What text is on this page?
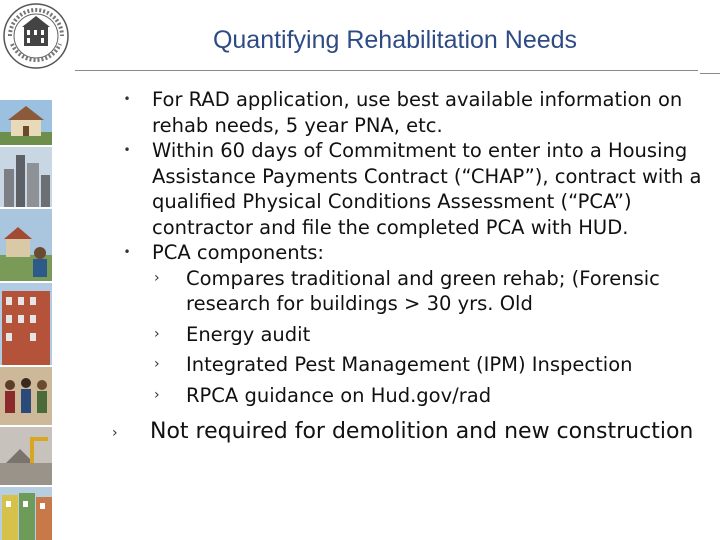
Quantifying Rehabilitation Needs
•	For RAD application, use best available information on rehab needs, 5 year PNA, etc.
•	Within 60 days of Commitment to enter into a Housing Assistance Payments Contract (“CHAP”), contract with a qualified Physical Conditions Assessment (“PCA”) contractor and file the completed PCA with HUD.
•	PCA components:
› Compares traditional and green rehab; (Forensic research for buildings > 30 yrs. Old
› Energy audit
› Integrated Pest Management (IPM) Inspection
› RPCA guidance on Hud.gov/rad
› Not required for demolition and new construction
